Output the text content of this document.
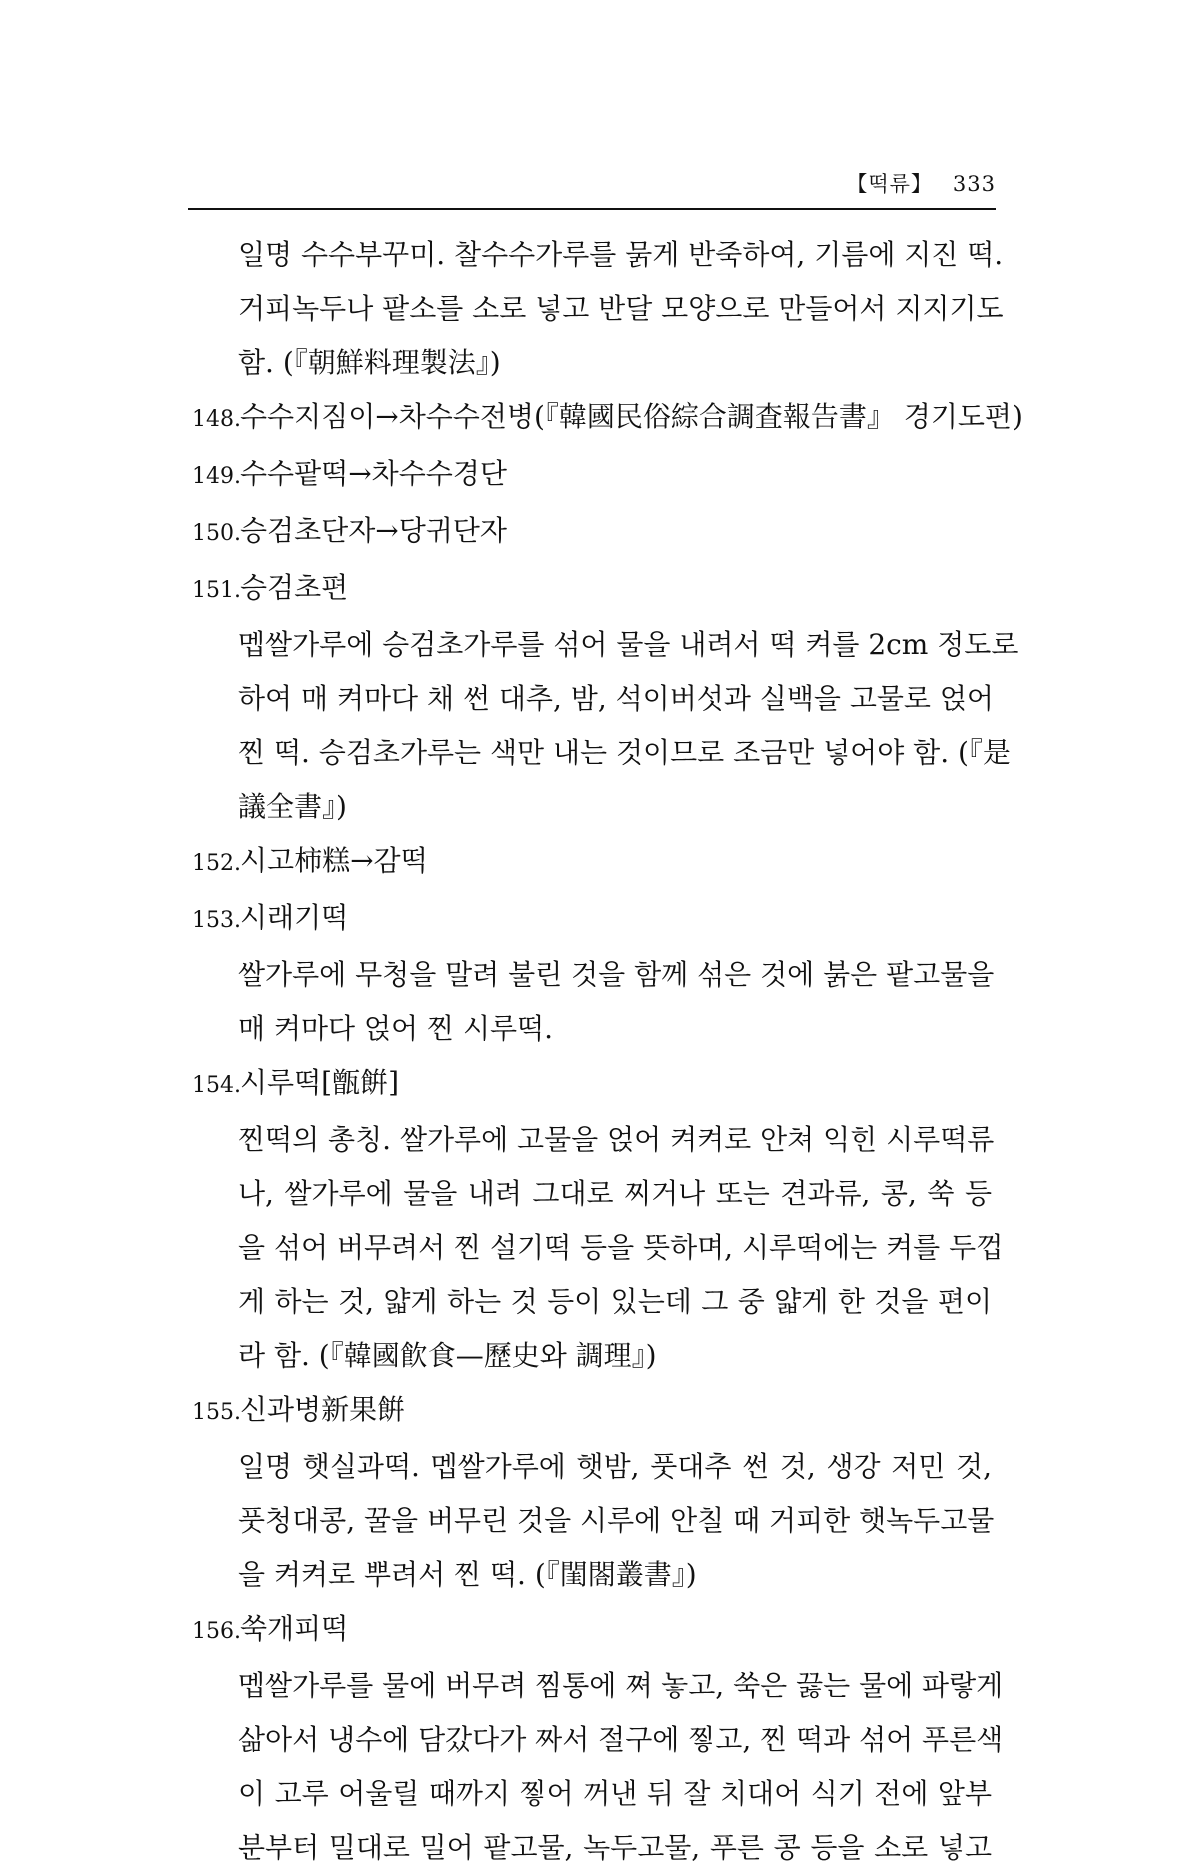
【떡류】 333
일명 수수부꾸미. 찰수수가루를 묽게 반죽하여, 기름에 지진 떡.
거피녹두나 팥소를 소로 넣고 반달 모양으로 만들어서 지지기도
함. (『朝鮮料理製法』)
148.수수지짐이→차수수전병(『韓國民俗綜合調査報告書』 경기도편)
149.수수팥떡→차수수경단
150.승검초단자→당귀단자
151.승검초편
멥쌀가루에 승검초가루를 섞어 물을 내려서 떡 켜를 2cm 정도로
하여 매 켜마다 채 썬 대추, 밤, 석이버섯과 실백을 고물로 얹어
찐 떡. 승검초가루는 색만 내는 것이므로 조금만 넣어야 함. (『是
議全書』)
152.시고柿糕→감떡
153.시래기떡
쌀가루에 무청을 말려 불린 것을 함께 섞은 것에 붉은 팥고물을
매 켜마다 얹어 찐 시루떡.
154.시루떡[甑餠]
찐떡의 총칭. 쌀가루에 고물을 얹어 켜켜로 안쳐 익힌 시루떡류
나, 쌀가루에 물을 내려 그대로 찌거나 또는 견과류, 콩, 쑥 등
을 섞어 버무려서 찐 설기떡 등을 뜻하며, 시루떡에는 켜를 두껍
게 하는 것, 얇게 하는 것 등이 있는데 그 중 얇게 한 것을 편이
라 함. (『韓國飮食—歷史와 調理』)
155.신과병新果餠
일명 햇실과떡. 멥쌀가루에 햇밤, 풋대추 썬 것, 생강 저민 것,
풋청대콩, 꿀을 버무린 것을 시루에 안칠 때 거피한 햇녹두고물
을 켜켜로 뿌려서 찐 떡. (『閨閤叢書』)
156.쑥개피떡
멥쌀가루를 물에 버무려 찜통에 쪄 놓고, 쑥은 끓는 물에 파랗게
삶아서 냉수에 담갔다가 짜서 절구에 찧고, 찐 떡과 섞어 푸른색
이 고루 어울릴 때까지 찧어 꺼낸 뒤 잘 치대어 식기 전에 앞부
분부터 밀대로 밀어 팥고물, 녹두고물, 푸른 콩 등을 소로 넣고
